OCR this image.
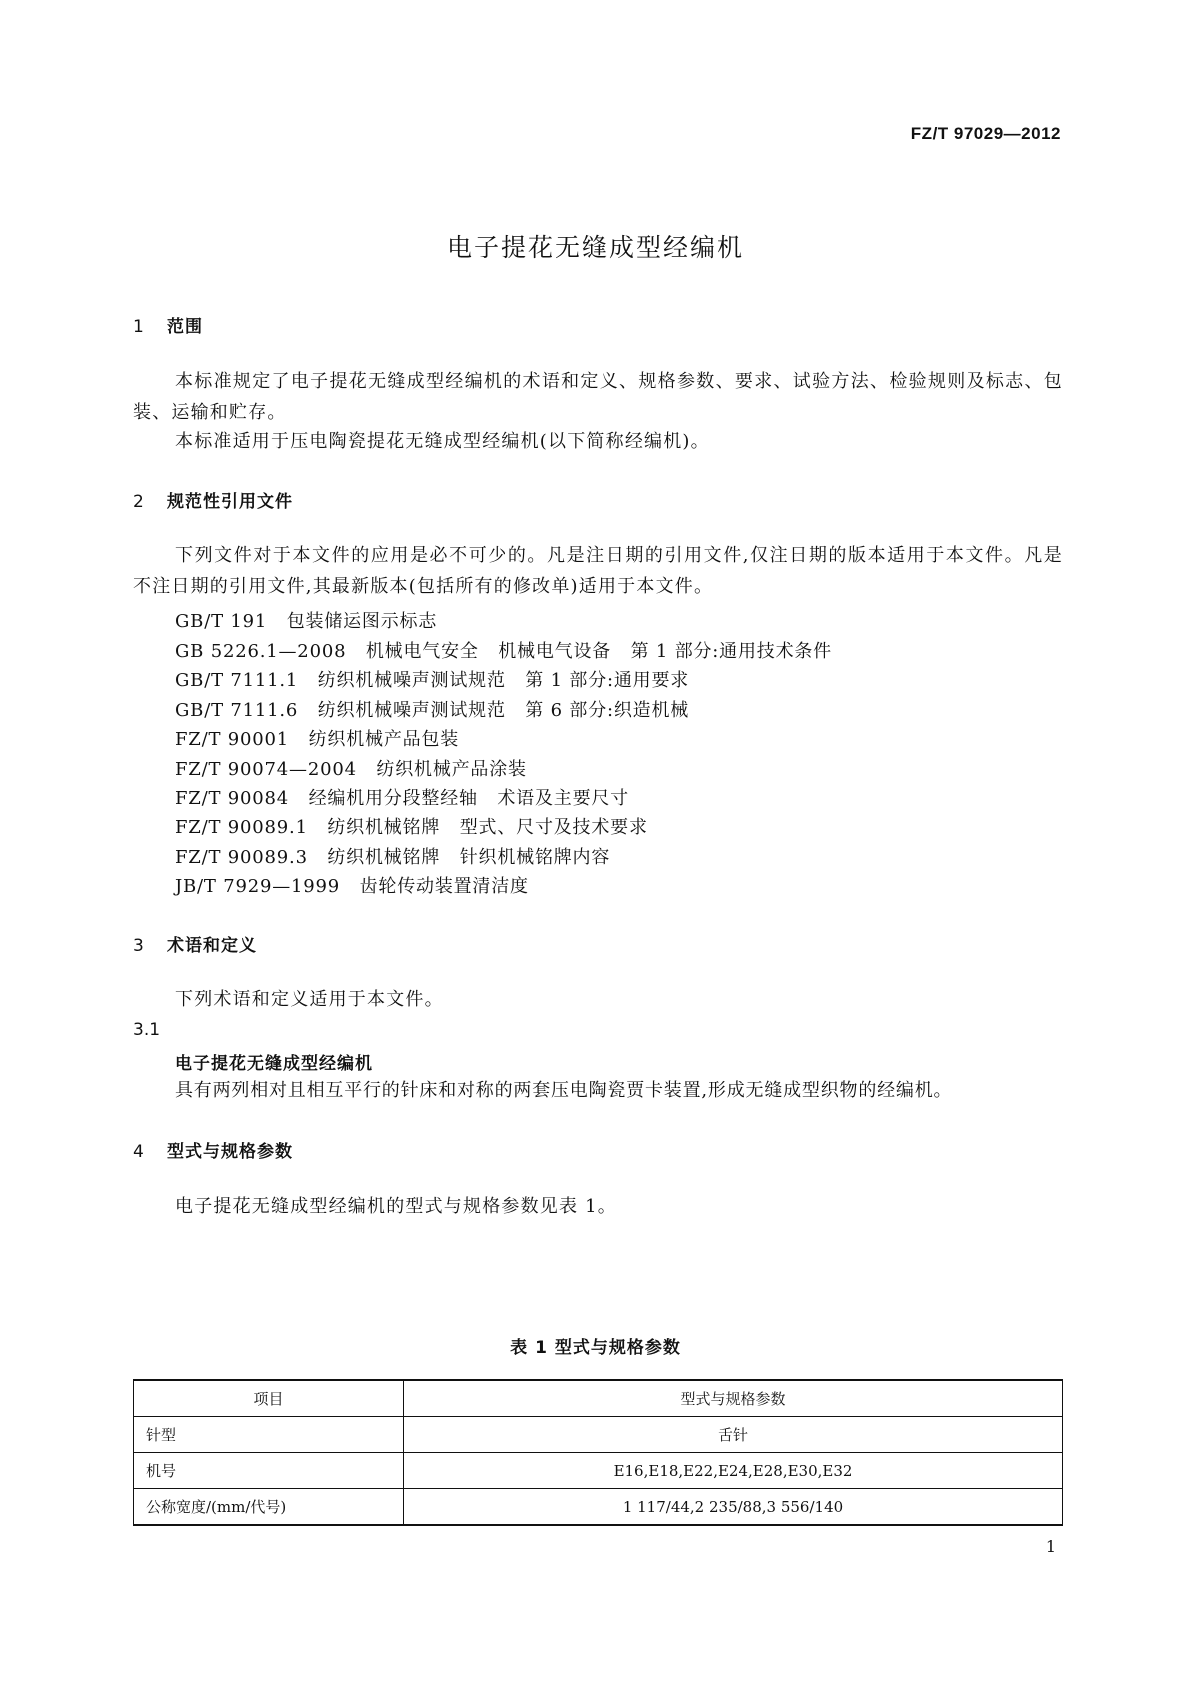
FZ/T 97029—2012
电子提花无缝成型经编机
1 范围
本标准规定了电子提花无缝成型经编机的术语和定义、规格参数、要求、试验方法、检验规则及标志、包装、运输和贮存。
本标准适用于压电陶瓷提花无缝成型经编机(以下简称经编机)。
2 规范性引用文件
下列文件对于本文件的应用是必不可少的。凡是注日期的引用文件,仅注日期的版本适用于本文件。凡是不注日期的引用文件,其最新版本(包括所有的修改单)适用于本文件。
GB/T 191   包装储运图示标志
GB 5226.1—2008   机械电气安全   机械电气设备   第 1 部分:通用技术条件
GB/T 7111.1   纺织机械噪声测试规范   第 1 部分:通用要求
GB/T 7111.6   纺织机械噪声测试规范   第 6 部分:织造机械
FZ/T 90001   纺织机械产品包装
FZ/T 90074—2004   纺织机械产品涂装
FZ/T 90084   经编机用分段整经轴   术语及主要尺寸
FZ/T 90089.1   纺织机械铭牌   型式、尺寸及技术要求
FZ/T 90089.3   纺织机械铭牌   针织机械铭牌内容
JB/T 7929—1999   齿轮传动装置清洁度
3 术语和定义
下列术语和定义适用于本文件。
3.1
电子提花无缝成型经编机
具有两列相对且相互平行的针床和对称的两套压电陶瓷贾卡装置,形成无缝成型织物的经编机。
4 型式与规格参数
电子提花无缝成型经编机的型式与规格参数见表 1。
表 1 型式与规格参数
项目	型式与规格参数
针型	舌针
机号	E16,E18,E22,E24,E28,E30,E32
公称宽度/(mm/代号)	1 117/44,2 235/88,3 556/140
1
